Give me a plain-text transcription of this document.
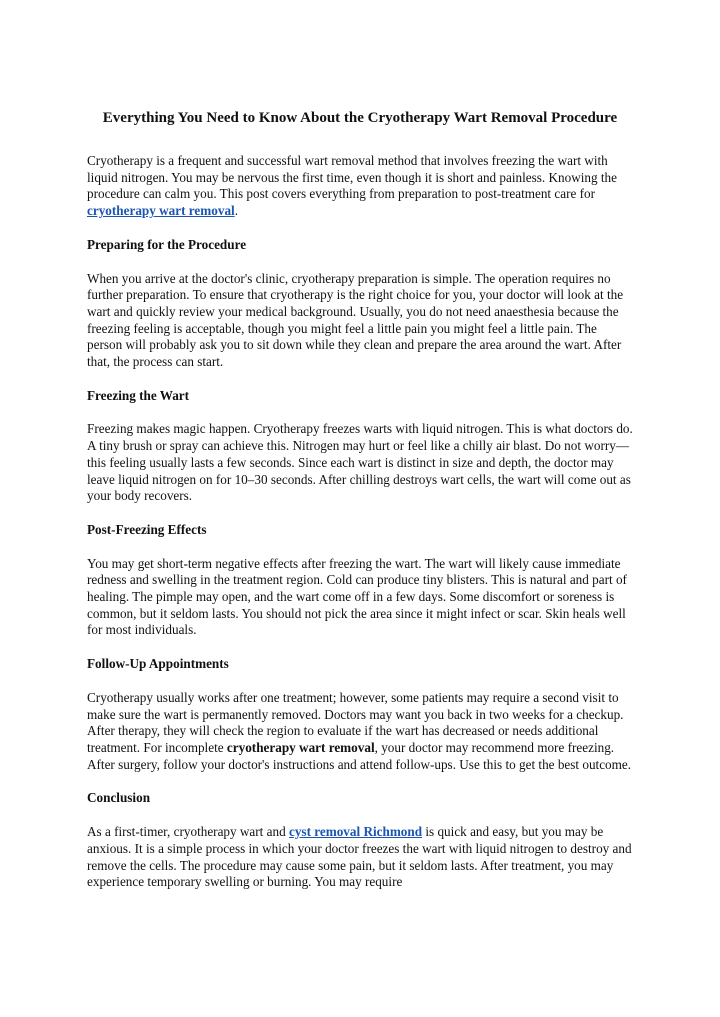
Everything You Need to Know About the Cryotherapy Wart Removal Procedure

Cryotherapy is a frequent and successful wart removal method that involves freezing the wart with liquid nitrogen. You may be nervous the first time, even though it is short and painless. Knowing the procedure can calm you. This post covers everything from preparation to post-treatment care for cryotherapy wart removal.

Preparing for the Procedure

When you arrive at the doctor's clinic, cryotherapy preparation is simple. The operation requires no further preparation. To ensure that cryotherapy is the right choice for you, your doctor will look at the wart and quickly review your medical background. Usually, you do not need anaesthesia because the freezing feeling is acceptable, though you might feel a little pain you might feel a little pain. The person will probably ask you to sit down while they clean and prepare the area around the wart. After that, the process can start.

Freezing the Wart

Freezing makes magic happen. Cryotherapy freezes warts with liquid nitrogen. This is what doctors do. A tiny brush or spray can achieve this. Nitrogen may hurt or feel like a chilly air blast. Do not worry—this feeling usually lasts a few seconds. Since each wart is distinct in size and depth, the doctor may leave liquid nitrogen on for 10–30 seconds. After chilling destroys wart cells, the wart will come out as your body recovers.

Post-Freezing Effects

You may get short-term negative effects after freezing the wart. The wart will likely cause immediate redness and swelling in the treatment region. Cold can produce tiny blisters. This is natural and part of healing. The pimple may open, and the wart come off in a few days. Some discomfort or soreness is common, but it seldom lasts. You should not pick the area since it might infect or scar. Skin heals well for most individuals.

Follow-Up Appointments

Cryotherapy usually works after one treatment; however, some patients may require a second visit to make sure the wart is permanently removed. Doctors may want you back in two weeks for a checkup. After therapy, they will check the region to evaluate if the wart has decreased or needs additional treatment. For incomplete cryotherapy wart removal, your doctor may recommend more freezing. After surgery, follow your doctor's instructions and attend follow-ups. Use this to get the best outcome.

Conclusion

As a first-timer, cryotherapy wart and cyst removal Richmond is quick and easy, but you may be anxious. It is a simple process in which your doctor freezes the wart with liquid nitrogen to destroy and remove the cells. The procedure may cause some pain, but it seldom lasts. After treatment, you may experience temporary swelling or burning. You may require
